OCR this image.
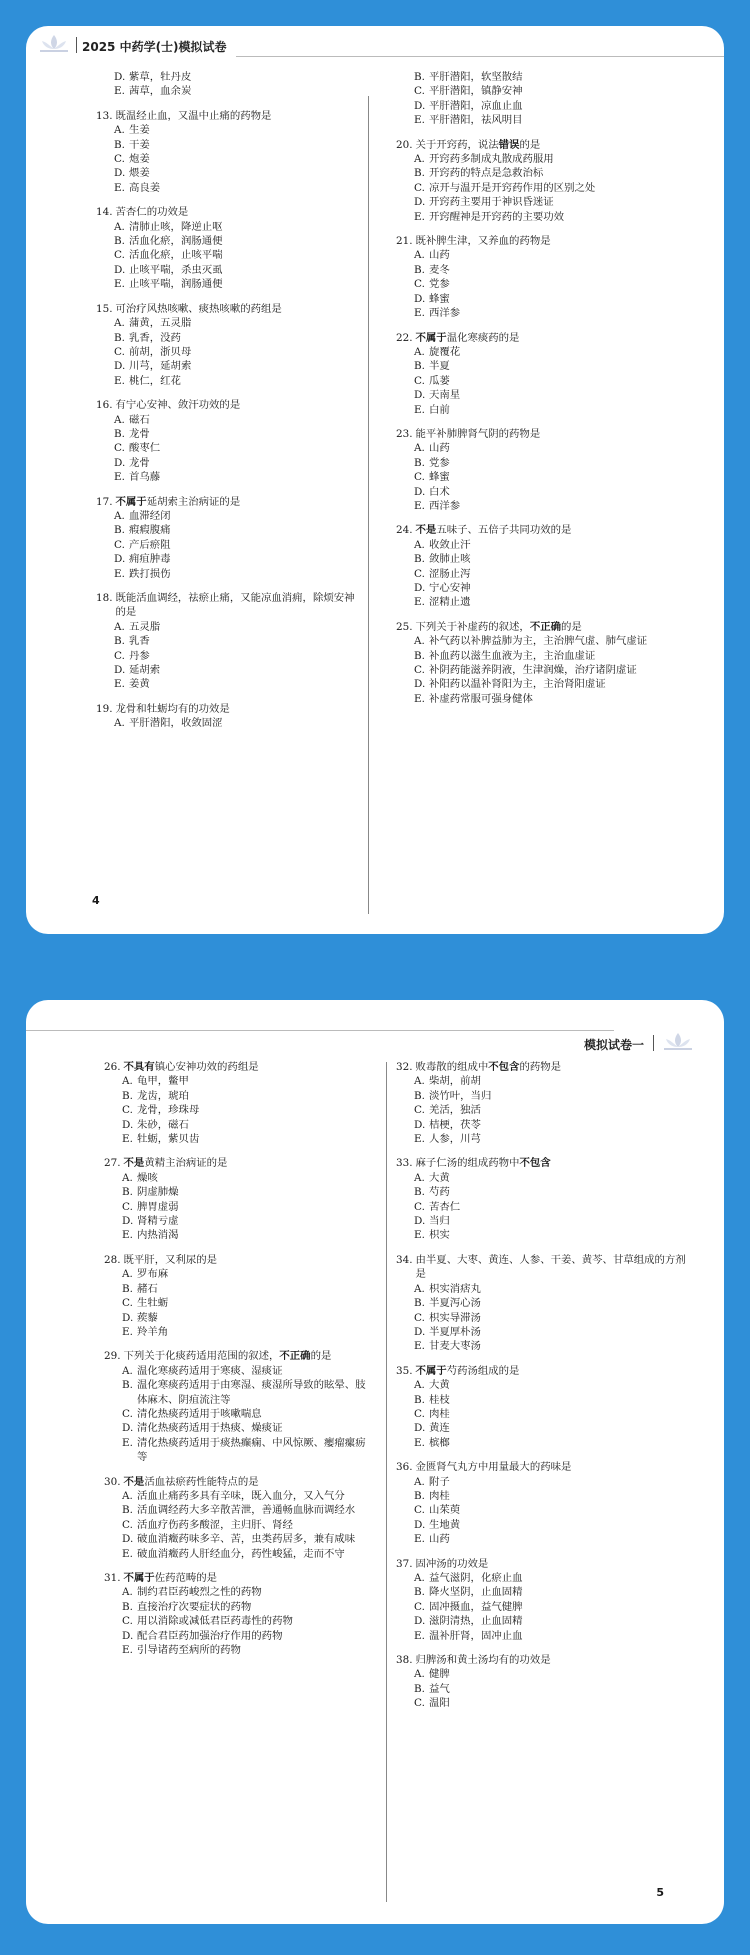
2025 中药学(士)模拟试卷
D. 紫草，牡丹皮
E. 茜草，血余炭
13. 既温经止血，又温中止痛的药物是
A. 生姜
B. 干姜
C. 炮姜
D. 煨姜
E. 高良姜
14. 苦杏仁的功效是
A. 清肺止咳，降逆止呕
B. 活血化瘀，润肠通便
C. 活血化瘀，止咳平喘
D. 止咳平喘，杀虫灭虱
E. 止咳平喘，润肠通便
15. 可治疗风热咳嗽、痰热咳嗽的药组是
A. 蒲黄，五灵脂
B. 乳香，没药
C. 前胡，浙贝母
D. 川芎，延胡索
E. 桃仁，红花
16. 有宁心安神、敛汗功效的是
A. 磁石
B. 龙骨
C. 酸枣仁
D. 龙骨
E. 首乌藤
17. 不属于延胡索主治病证的是
A. 血滞经闭
B. 瘕瘕腹痛
C. 产后瘀阻
D. 痈疽肿毒
E. 跌打损伤
18. 既能活血调经，祛瘀止痛，又能凉血消痈，除烦安神的是
A. 五灵脂
B. 乳香
C. 丹参
D. 延胡索
E. 姜黄
19. 龙骨和牡蛎均有的功效是
A. 平肝潜阳，收敛固涩
B. 平肝潜阳，软坚散结
C. 平肝潜阳，镇静安神
D. 平肝潜阳，凉血止血
E. 平肝潜阳，祛风明目
20. 关于开窍药，说法错误的是
A. 开窍药多制成丸散成药服用
B. 开窍药的特点是急救治标
C. 凉开与温开是开窍药作用的区别之处
D. 开窍药主要用于神识昏迷证
E. 开窍醒神是开窍药的主要功效
21. 既补脾生津，又养血的药物是
A. 山药
B. 麦冬
C. 党参
D. 蜂蜜
E. 西洋参
22. 不属于温化寒痰药的是
A. 旋覆花
B. 半夏
C. 瓜蒌
D. 天南星
E. 白前
23. 能平补肺脾肾气阴的药物是
A. 山药
B. 党参
C. 蜂蜜
D. 白术
E. 西洋参
24. 不是五味子、五倍子共同功效的是
A. 收敛止汗
B. 敛肺止咳
C. 涩肠止泻
D. 宁心安神
E. 涩精止遗
25. 下列关于补虚药的叙述，不正确的是
A. 补气药以补脾益肺为主，主治脾气虚、肺气虚证
B. 补血药以滋生血液为主，主治血虚证
C. 补阴药能滋养阴液，生津润燥，治疗诸阴虚证
D. 补阳药以温补肾阳为主，主治肾阳虚证
E. 补虚药常服可强身健体
4
模拟试卷一
26. 不具有镇心安神功效的药组是
A. 龟甲，鳖甲
B. 龙齿，琥珀
C. 龙骨，珍珠母
D. 朱砂，磁石
E. 牡蛎，紫贝齿
27. 不是黄精主治病证的是
A. 燥咳
B. 阴虚肺燥
C. 脾胃虚弱
D. 肾精亏虚
E. 内热消渴
28. 既平肝，又利尿的是
A. 罗布麻
B. 赭石
C. 生牡蛎
D. 蒺藜
E. 羚羊角
29. 下列关于化痰药适用范围的叙述，不正确的是
A. 温化寒痰药适用于寒痰、湿痰证
B. 温化寒痰药适用于由寒湿、痰湿所导致的眩晕、肢体麻木、阴疽流注等
C. 清化热痰药适用于咳嗽喘息
D. 清化热痰药适用于热痰、燥痰证
E. 清化热痰药适用于痰热癫痫、中风惊厥、瘿瘤瘰疬等
30. 不是活血祛瘀药性能特点的是
A. 活血止痛药多具有辛味，既入血分，又入气分
B. 活血调经药大多辛散苦泄，善通畅血脉而调经水
C. 活血疗伤药多酸涩，主归肝、肾经
D. 破血消癥药味多辛、苦，虫类药居多，兼有咸味
E. 破血消癥药人肝经血分，药性峻猛，走而不守
31. 不属于佐药范畴的是
A. 制约君臣药峻烈之性的药物
B. 直接治疗次要症状的药物
C. 用以消除或减低君臣药毒性的药物
D. 配合君臣药加强治疗作用的药物
E. 引导诸药至病所的药物
32. 败毒散的组成中不包含的药物是
A. 柴胡，前胡
B. 淡竹叶，当归
C. 羌活，独活
D. 桔梗，茯苓
E. 人参，川芎
33. 麻子仁汤的组成药物中不包含
A. 大黄
B. 芍药
C. 苦杏仁
D. 当归
E. 枳实
34. 由半夏、大枣、黄连、人参、干姜、黄芩、甘草组成的方剂是
A. 枳实消痞丸
B. 半夏泻心汤
C. 枳实导滞汤
D. 半夏厚朴汤
E. 甘麦大枣汤
35. 不属于芍药汤组成的是
A. 大黄
B. 桂枝
C. 肉桂
D. 黄连
E. 槟榔
36. 金匮肾气丸方中用量最大的药味是
A. 附子
B. 肉桂
C. 山茱萸
D. 生地黄
E. 山药
37. 固冲汤的功效是
A. 益气滋阴，化瘀止血
B. 降火坚阴，止血固精
C. 固冲摄血，益气健脾
D. 滋阴清热，止血固精
E. 温补肝肾，固冲止血
38. 归脾汤和黄土汤均有的功效是
A. 健脾
B. 益气
C. 温阳
5
